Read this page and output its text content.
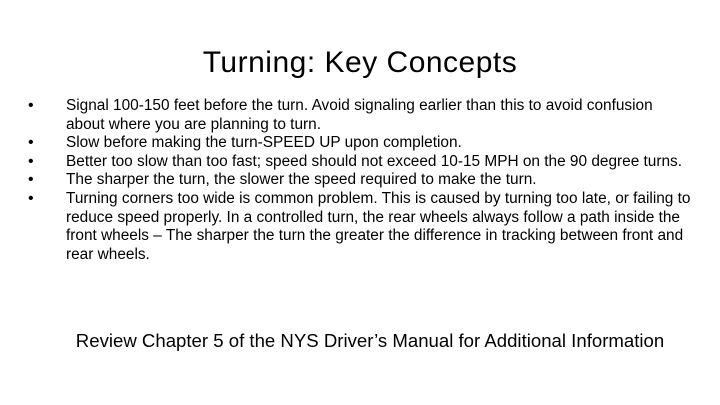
Turning: Key Concepts
• Signal 100-150 feet before the turn. Avoid signaling earlier than this to avoid confusion about where you are planning to turn.
• Slow before making the turn-SPEED UP upon completion.
• Better too slow than too fast; speed should not exceed 10-15 MPH on the 90 degree turns.
• The sharper the turn, the slower the speed required to make the turn.
• Turning corners too wide is common problem. This is caused by turning too late, or failing to reduce speed properly. In a controlled turn, the rear wheels always follow a path inside the front wheels – The sharper the turn the greater the difference in tracking between front and rear wheels.
Review Chapter 5 of the NYS Driver’s Manual for Additional Information
